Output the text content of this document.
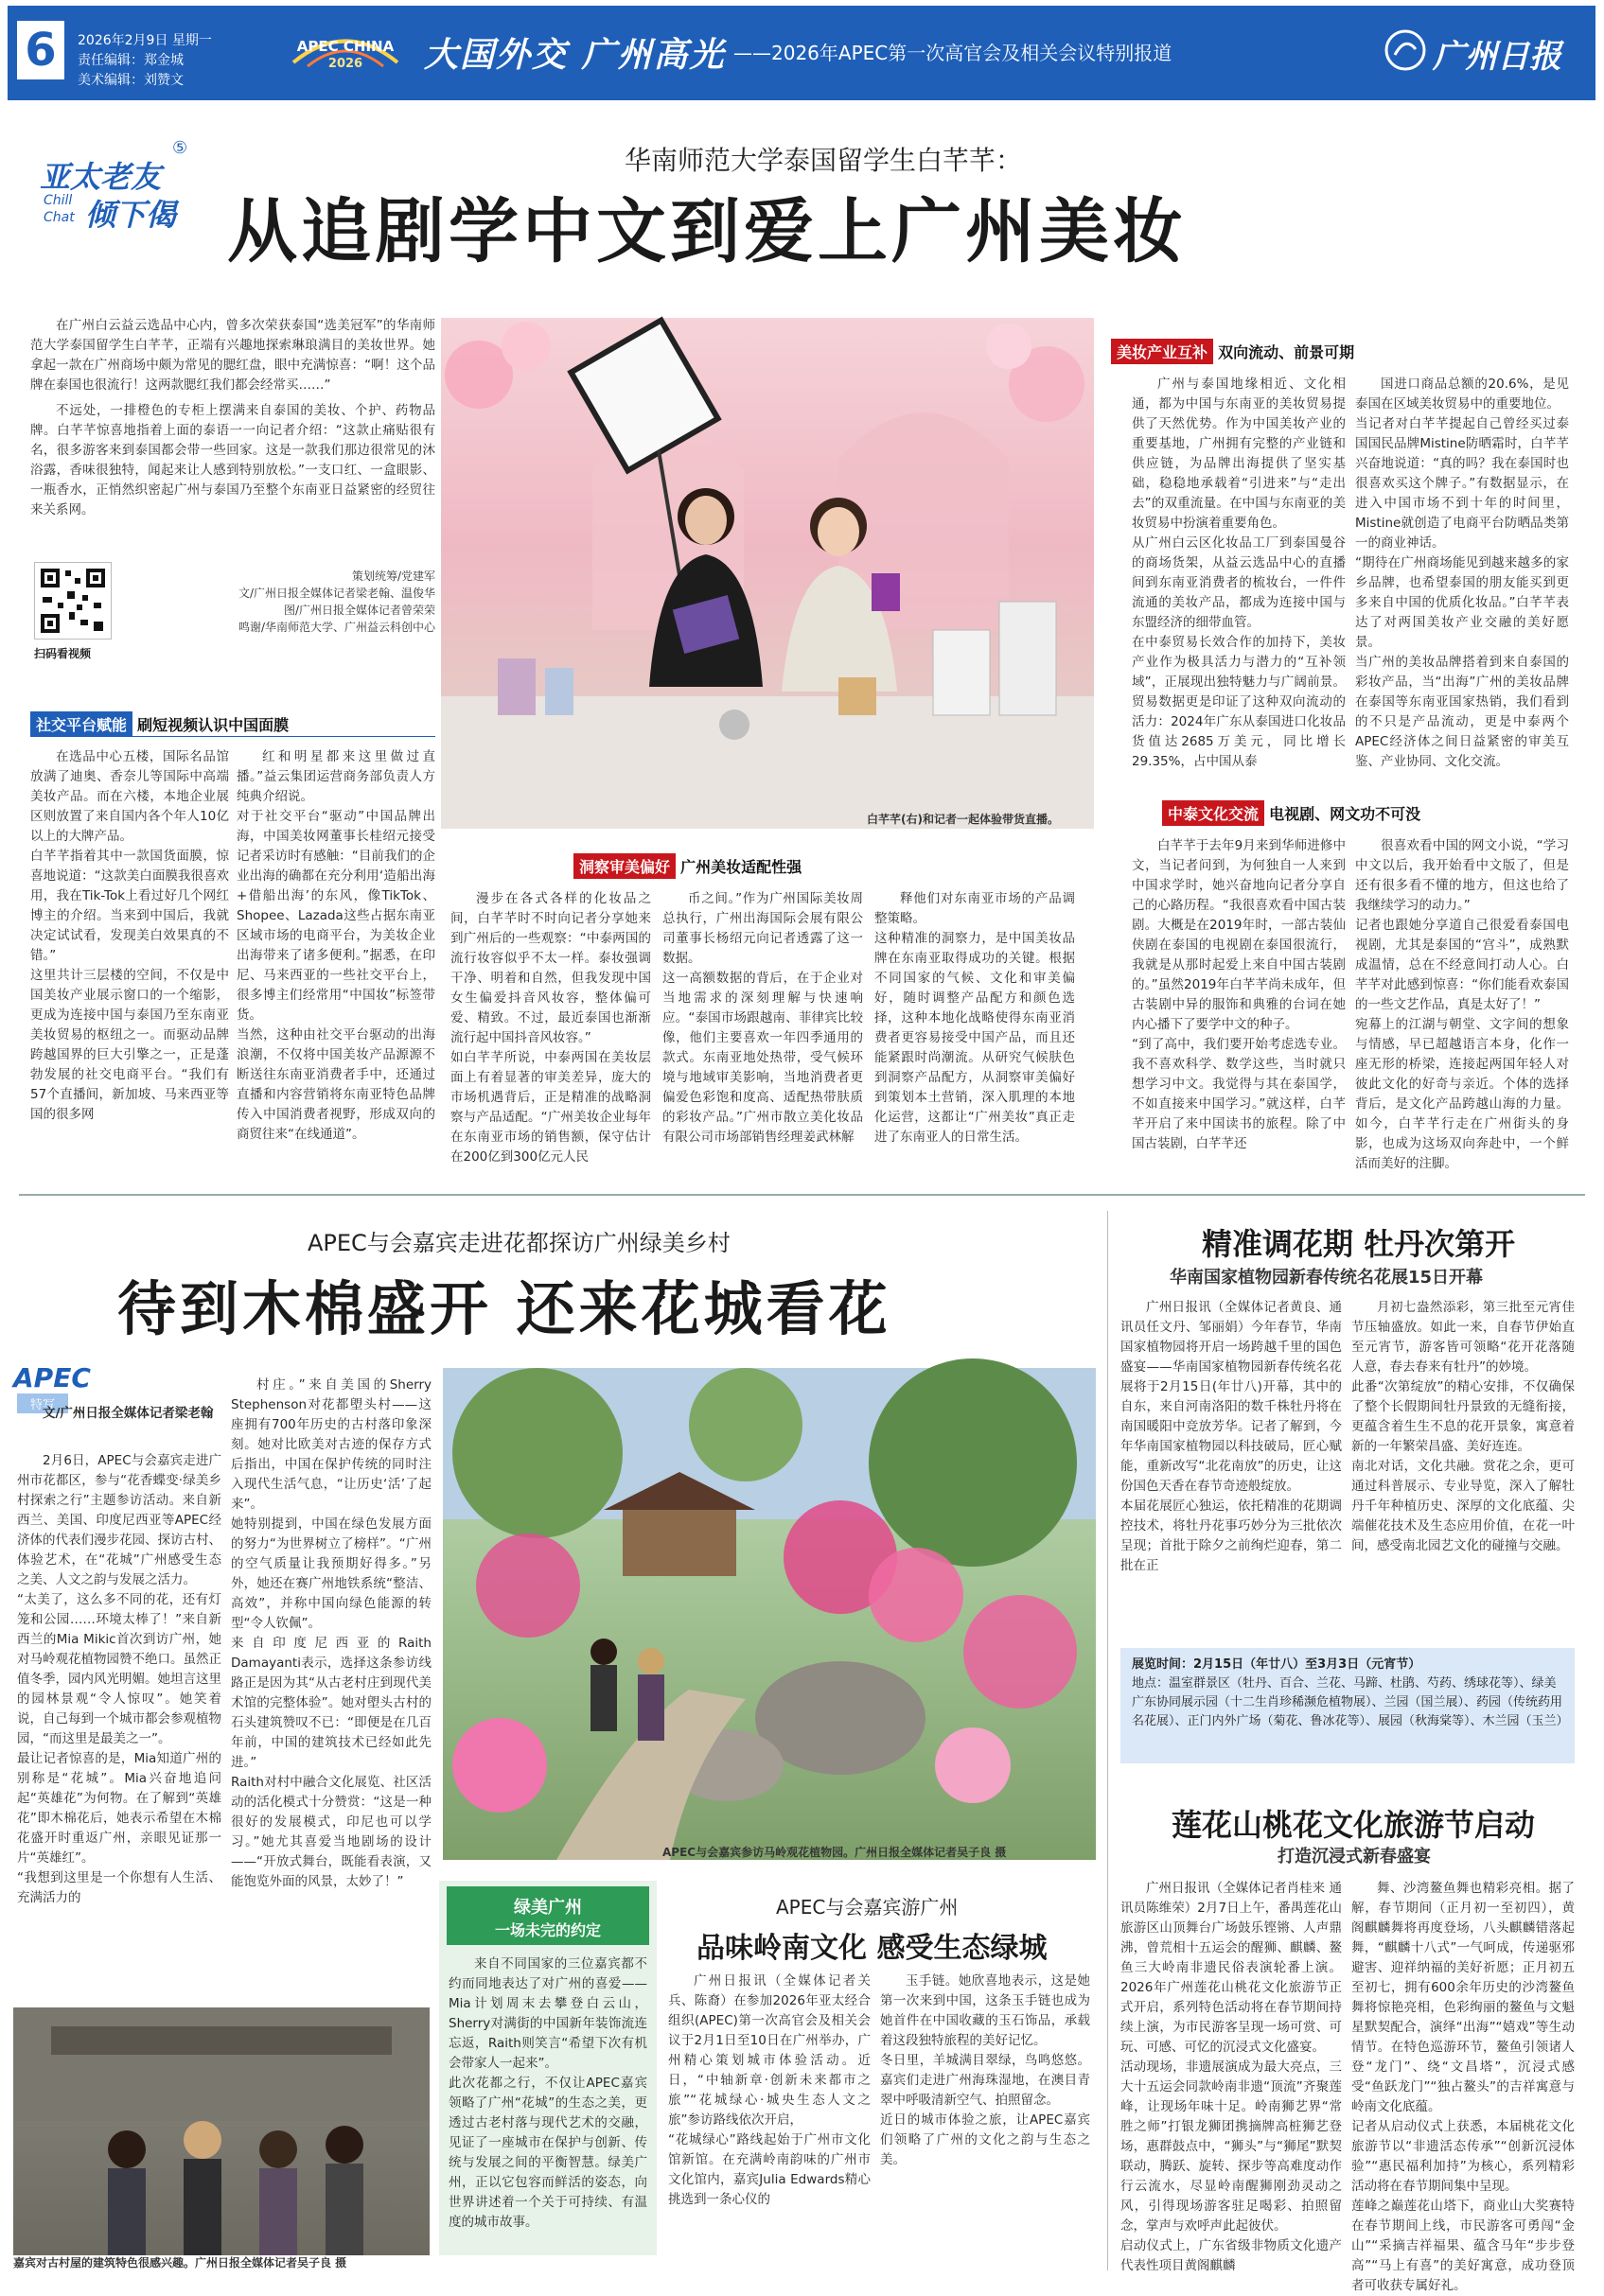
6	2026年2月9日 星期一
责任编辑：郑金城
美术编辑：刘赞文
APEC CHINA
2026	大国外交 广州高光 ——2026年APEC第一次高官会及相关会议特别报道	广州日报
⑤
亚太老友
Chill
Chat 倾下偈
华南师范大学泰国留学生白芊芊：
从追剧学中文到爱上广州美妆

在广州白云益云选品中心内，曾多次荣获泰国“选美冠军”的华南师范大学泰国留学生白芊芊，正端有兴趣地探索琳琅满目的美妆世界。她拿起一款在广州商场中颇为常见的腮红盘，眼中充满惊喜：“啊！这个品牌在泰国也很流行！这两款腮红我们都会经常买……”

不远处，一排橙色的专柜上摆满来自泰国的美妆、个护、药物品牌。白芊芊惊喜地指着上面的泰语一一向记者介绍：“这款止痛贴很有名，很多游客来到泰国都会带一些回家。这是一款我们那边很常见的沐浴露，香味很独特，闻起来让人感到特别放松。”一支口红、一盒眼影、一瓶香水，正悄然织密起广州与泰国乃至整个东南亚日益紧密的经贸往来关系网。

扫码看视频
策划统筹/党建军
文/广州日报全媒体记者梁老翰、温俊华
图/广州日报全媒体记者曾荣荣
鸣谢/华南师范大学、广州益云科创中心
白芊芊(右)和记者一起体验带货直播。
社交平台赋能 刷短视频认识中国面膜
在选品中心五楼，国际名品馆放满了迪奥、香奈儿等国际中高端美妆产品。而在六楼，本地企业展区则放置了来自国内各个年人10亿以上的大牌产品。
白芊芊指着其中一款国货面膜，惊喜地说道：“这款美白面膜我很喜欢用，我在Tik-Tok上看过好几个网红博主的介绍。当来到中国后，我就决定试试看，发现美白效果真的不错。”
这里共计三层楼的空间，不仅是中国美妆产业展示窗口的一个缩影，更成为连接中国与泰国乃至东南亚美妆贸易的枢纽之一。而驱动品牌跨越国界的巨大引擎之一，正是蓬勃发展的社交电商平台。“我们有57个直播间，新加坡、马来西亚等国的很多网
红和明星都来这里做过直播。”益云集团运营商务部负责人方纯典介绍说。
对于社交平台“驱动”中国品牌出海，中国美妆网董事长桂绍元接受记者采访时有感触：“目前我们的企业出海的确都在充分利用‘造船出海+借船出海’的东风，像TikTok、Shopee、Lazada这些占据东南亚区域市场的电商平台，为美妆企业出海带来了诸多便利。”据悉，在印尼、马来西亚的一些社交平台上，很多博主们经常用“中国妆”标签带货。
当然，这种由社交平台驱动的出海浪潮，不仅将中国美妆产品源源不断送往东南亚消费者手中，还通过直播和内容营销将东南亚特色品牌传入中国消费者视野，形成双向的商贸往来“在线通道”。
洞察审美偏好 广州美妆适配性强
漫步在各式各样的化妆品之间，白芊芊时不时向记者分享她来到广州后的一些观察：“中泰两国的流行妆容似乎不太一样。泰妆强调干净、明着和自然，但我发现中国女生偏爱抖音风妆容，整体偏可爱、精致。不过，最近泰国也渐渐流行起中国抖音风妆容。”
如白芊芊所说，中泰两国在美妆层面上有着显著的审美差异，庞大的市场机遇背后，正是精准的战略洞察与产品适配。“广州美妆企业每年在东南亚市场的销售额，保守估计在200亿到300亿元人民
币之间。”作为广州国际美妆周总执行，广州出海国际会展有限公司董事长杨绍元向记者透露了这一数据。
这一高额数据的背后，在于企业对当地需求的深刻理解与快速响应。“泰国市场跟越南、菲律宾比较像，他们主要喜欢一年四季通用的款式。东南亚地处热带，受气候环境与地域审美影响，当地消费者更偏爱色彩饱和度高、适配热带肤质的彩妆产品。”广州市散立美化妆品有限公司市场部销售经理姜武林解
释他们对东南亚市场的产品调整策略。
这种精准的洞察力，是中国美妆品牌在东南亚取得成功的关键。根据不同国家的气候、文化和审美偏好，随时调整产品配方和颜色选择，这种本地化战略使得东南亚消费者更容易接受中国产品，而且还能紧跟时尚潮流。从研究气候肤色到洞察产品配方，从洞察审美偏好到策划本土营销，深入肌理的本地化运营，这都让“广州美妆”真正走进了东南亚人的日常生活。
美妆产业互补 双向流动、前景可期
广州与泰国地缘相近、文化相通，都为中国与东南亚的美妆贸易提供了天然优势。作为中国美妆产业的重要基地，广州拥有完整的产业链和供应链，为品牌出海提供了坚实基础，稳稳地承载着“引进来”与“走出去”的双重流量。在中国与东南亚的美妆贸易中扮演着重要角色。
从广州白云区化妆品工厂到泰国曼谷的商场货架，从益云选品中心的直播间到东南亚消费者的梳妆台，一件件流通的美妆产品，都成为连接中国与东盟经济的细带血管。
在中泰贸易长效合作的加持下，美妆产业作为极具活力与潜力的“互补领域”，正展现出独特魅力与广阔前景。贸易数据更是印证了这种双向流动的活力：2024年广东从泰国进口化妆品货值达2685万美元，同比增长29.35%，占中国从泰
国进口商品总额的20.6%，是见泰国在区域美妆贸易中的重要地位。
当记者对白芊芊提起自己曾经买过泰国国民品牌Mistine防晒霜时，白芊芊兴奋地说道：“真的吗？我在泰国时也很喜欢买这个牌子。”有数据显示，在进入中国市场不到十年的时间里，Mistine就创造了电商平台防晒品类第一的商业神话。
“期待在广州商场能见到越来越多的家乡品牌，也希望泰国的朋友能买到更多来自中国的优质化妆品。”白芊芊表达了对两国美妆产业交融的美好愿景。
当广州的美妆品牌搭着到来自泰国的彩妆产品，当“出海”广州的美妆品牌在泰国等东南亚国家热销，我们看到的不只是产品流动，更是中泰两个APEC经济体之间日益紧密的审美互鉴、产业协同、文化交流。
中泰文化交流 电视剧、网文功不可没
白芊芊于去年9月来到华师进修中文，当记者问到，为何独自一人来到中国求学时，她兴奋地向记者分享自己的心路历程。“我很喜欢看中国古装剧。大概是在2019年时，一部古装仙侠剧在泰国的电视剧在泰国很流行，我就是从那时起爱上来自中国古装剧的。”虽然2019年白芊芊尚未成年，但古装剧中异的服饰和典雅的台词在她内心播下了要学中文的种子。
“到了高中，我们要开始考虑选专业。我不喜欢科学、数学这些，当时就只想学习中文。我觉得与其在泰国学，不如直接来中国学习。”就这样，白芊芊开启了来中国读书的旅程。除了中国古装剧，白芊芊还
很喜欢看中国的网文小说，“学习中文以后，我开始看中文版了，但是还有很多看不懂的地方，但这也给了我继续学习的动力。”
记者也跟她分享道自己很爱看泰国电视剧，尤其是泰国的“宫斗”，成熟默成温情，总在不经意间打动人心。白芊芊对此感到惊喜：“你们能看欢泰国的一些文艺作品，真是太好了！”
宛幕上的江湖与朝堂、文字间的想象与情感，早已超越语言本身，化作一座无形的桥梁，连接起两国年轻人对彼此文化的好奇与亲近。个体的选择背后，是文化产品跨越山海的力量。如今，白芊芊行走在广州街头的身影，也成为这场双向奔赴中，一个鲜活而美好的注脚。
APEC与会嘉宾走进花都探访广州绿美乡村
待到木棉盛开 还来花城看花
APEC 特写
文/广州日报全媒体记者梁老翰
2月6日，APEC与会嘉宾走进广州市花都区，参与“花香蝶变·绿美乡村探索之行”主题参访活动。来自新西兰、美国、印度尼西亚等APEC经济体的代表们漫步花园、探访古村、体验艺术，在“花城”广州感受生态之美、人文之韵与发展之活力。
“太美了，这么多不同的花，还有灯笼和公园……环境太棒了！”来自新西兰的Mia Mikic首次到访广州，她对马岭观花植物园赞不绝口。虽然正值冬季，园内风光明媚。她坦言这里的园林景观“令人惊叹”。她笑着说，自己每到一个城市都会参观植物园，“而这里是最美之一”。
最让记者惊喜的是，Mia知道广州的别称是“花城”。Mia兴奋地追问起“英雄花”为何物。在了解到“英雄花”即木棉花后，她表示希望在木棉花盛开时重返广州，亲眼见证那一片“英雄红”。
“我想到这里是一个你想有人生活、充满活力的
村庄。”来自美国的Sherry Stephenson对花都塱头村——这座拥有700年历史的古村落印象深刻。她对比欧美对古迹的保存方式后指出，中国在保护传统的同时注入现代生活气息，“让历史‘活’了起来”。
她特别提到，中国在绿色发展方面的努力“为世界树立了榜样”。“广州的空气质量让我预期好得多。”另外，她还在赛广州地铁系统“整洁、高效”，并称中国向绿色能源的转型“令人钦佩”。
来自印度尼西亚的Raith Damayanti表示，选择这条参访线路正是因为其“从古老村庄到现代美术馆的完整体验”。她对塱头古村的石头建筑赞叹不已：“即便是在几百年前，中国的建筑技术已经如此先进。”
Raith对村中融合文化展览、社区活动的活化模式十分赞赏：“这是一种很好的发展模式，印尼也可以学习。”她尤其喜爱当地剧场的设计——“开放式舞台，既能看表演，又能饱览外面的风景，太妙了！”
APEC与会嘉宾参访马岭观花植物园。广州日报全媒体记者吴子良 摄
嘉宾对古村屋的建筑特色很感兴趣。广州日报全媒体记者吴子良 摄
绿美广州
一场未完的约定
来自不同国家的三位嘉宾都不约而同地表达了对广州的喜爱——Mia计划周末去攀登白云山，Sherry对满街的中国新年装饰流连忘返，Raith则笑言“希望下次有机会带家人一起来”。
此次花都之行，不仅让APEC嘉宾领略了广州“花城”的生态之美，更透过古老村落与现代艺术的交融，见证了一座城市在保护与创新、传统与发展之间的平衡智慧。绿美广州，正以它包容而鲜活的姿态，向世界讲述着一个关于可持续、有温度的城市故事。
APEC与会嘉宾游广州
品味岭南文化 感受生态绿城
广州日报讯（全媒体记者关兵、陈裔）在参加2026年亚太经合组织(APEC)第一次高官会及相关会议于2月1日至10日在广州举办，广州精心策划城市体验活动。近日，“中轴新章·创新未来都市之旅”“花城绿心·城央生态人文之旅”参访路线依次开启，
“花城绿心”路线起始于广州市文化馆新馆。在充满岭南韵味的广州市文化馆内，嘉宾Julia Edwards精心挑选到一条心仪的
玉手链。她欣喜地表示，这是她第一次来到中国，这条玉手链也成为她首件在中国收藏的玉石饰品，承载着这段独特旅程的美好记忆。
冬日里，羊城满目翠绿，鸟鸣悠悠。嘉宾们走进广州海珠湿地，在澳目青翠中呼吸清新空气、拍照留念。
近日的城市体验之旅，让APEC嘉宾们领略了广州的文化之韵与生态之美。
精准调花期 牡丹次第开
华南国家植物园新春传统名花展15日开幕
广州日报讯（全媒体记者黄良、通讯员任文丹、邹丽娟）今年春节，华南国家植物园将开启一场跨越千里的国色盛宴——华南国家植物园新春传统名花展将于2月15日(年廿八)开幕，其中的自东，来自河南洛阳的数千株牡丹将在南国暖阳中竞放芳华。记者了解到，今年华南国家植物园以科技破局，匠心赋能，重新改写“北花南放”的历史，让这份国色天香在春节奇迹般绽放。
本届花展匠心独运，依托精准的花期调控技术，将牡丹花事巧妙分为三批依次呈现；首批于除夕之前绚烂迎春，第二批在正
月初七盎然添彩，第三批至元宵佳节压轴盛放。如此一来，自春节伊始直至元宵节，游客皆可领略“花开花落随人意，春去春来有牡丹”的妙境。
此番“次第绽放”的精心安排，不仅确保了整个长假期间牡丹景致的无缝衔接，更蕴含着生生不息的花开景象，寓意着新的一年繁荣昌盛、美好连连。
南北对话，文化共融。赏花之余，更可通过科普展示、专业导览，深入了解牡丹千年种植历史、深厚的文化底蕴、尖端催花技术及生态应用价值，在花一叶间，感受南北园艺文化的碰撞与交融。
展览时间：2月15日（年廿八）至3月3日（元宵节）
地点：温室群景区（牡丹、百合、兰花、马蹄、杜鹃、芍药、绣球花等）、绿美广东协同展示园（十二生肖珍稀濒危植物展）、兰园（国兰展）、药园（传统药用名花展）、正门内外广场（菊花、鲁冰花等）、展园（秋海棠等）、木兰园（玉兰）
莲花山桃花文化旅游节启动
打造沉浸式新春盛宴
广州日报讯（全媒体记者肖桂来 通讯员陈维荣）2月7日上午，番禺莲花山旅游区山顶舞台广场鼓乐铿锵、人声鼎沸，曾荒相十五运会的醒狮、麒麟、鳌鱼三大岭南非遗民俗表演轮番上演。2026年广州莲花山桃花文化旅游节正式开启，系列特色活动将在春节期间持续上演，为市民游客呈现一场可赏、可玩、可感、可忆的沉浸式文化盛宴。
活动现场，非遗展演成为最大亮点，三大十五运会同款岭南非遗“顶流”齐聚莲峰，让现场年味十足。岭南狮艺界“常胜之师”打银龙狮团携摘牌高桩狮艺登场，惠群鼓点中，“狮头”与“狮尾”默契联动，腾跃、旋转、探步等高难度动作行云流水，尽显岭南醒狮刚劲灵动之风，引得现场游客驻足喝彩、拍照留念，掌声与欢呼声此起彼伏。
启动仪式上，广东省级非物质文化遗产代表性项目黄阁麒麟
舞、沙湾鳌鱼舞也精彩亮相。据了解，春节期间（正月初一至初四），黄阁麒麟舞将再度登场，八头麒麟错落起舞，“麒麟十八式”一气呵成，传递驱邪避害、迎祥纳福的美好祈愿；正月初五至初七，拥有600余年历史的沙湾鳌鱼舞将惊艳亮相，色彩绚丽的鳌鱼与文魁星默契配合，演绎“出海”“嬉戏”等生动情节。在特色巡游环节，鳌鱼引领诸人登“龙门”、绕“文昌塔”，沉浸式感受“鱼跃龙门”“独占鳌头”的吉祥寓意与岭南文化底蕴。
记者从启动仪式上获悉，本届桃花文化旅游节以“非遗活态传承”“创新沉浸体验”“惠民福利加持”为核心，系列精彩活动将在春节期间集中呈现。
莲峰之巅莲花山塔下，商业山大奖赛特在春节期间上线，市民游客可勇闯“金山”“采摘吉祥福果、蕴含马年“步步登高”“马上有喜”的美好寓意，成功登顶者可收获专属好礼。
